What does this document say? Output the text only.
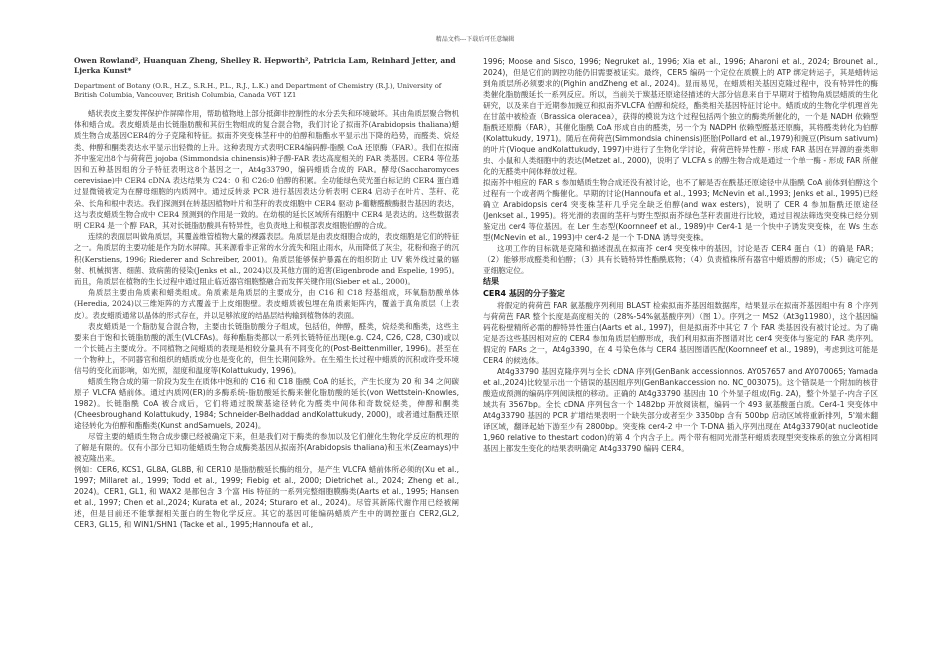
精品文档---下载后可任意编辑
Owen Rowland², Huanquan Zheng, Shelley R. Hepworth², Patricia Lam, Reinhard Jetter, and Ljerka Kunst*
Department of Botany (O.R., H.Z., S.R.H., P.L., R.J., L.K.) and Department of Chemistry (R.J.), University of British Columbia, Vancouver, British Columbia, Canada V6T 1Z1

蜡状表皮主要发挥保护作屏障作用，帮助植物地上部分抵御非控制性的水分丢失和环境破坏。其由角质层聚合物机体和蜡合成。表皮蜡质是由长链脂肪酸和其衍生物组成的复合混合物，我们讨论了拟南芥(Arabidopsis thaliana)蜡质生物合成基因CER4的分子克隆和特征。拟南芥突变株茎秆中的伯醇和脂酯水平显示出下降的趋势，而醛类、烷烃类、伸醇和酮类表达水平显示出轻微的上升。这种表现方式表明CER4编码醇-脂酰 CoA 还原酶（FAR）。我们在拟南芥中鉴定出8个与荷荷芭 jojoba (Simmondsia chinensis)种子醇-FAR 表达高度相关的 FAR 类基因。CER4 等位基因和五种基因组的分子特征表明这8个基因之一，At4g33790，编码蜡质合成的 FAR。酵母(Saccharomyces cerevisiae)中 CER4 cDNA 表达结果为 C24：0 和 C26:0 伯醇的积累。全功能绿色荧光蛋白标记的 CER4 蛋白通过显微镜被定为在酵母细胞的内质网中。通过反转录 PCR 进行基因表达分析表明 CER4 启动子在叶片、茎秆、花朵、长角和根中表达。我们探测到在转基因植物叶片和茎秆的表皮细胞中 CER4 驱动 β-葡糖醛酸酶报告基因的表达，这与表皮蜡质生物合成中 CER4 预测到的作用是一致的。在幼根的延长区域所有细胞中 CER4 是表达的。这些数据表明 CER4 是一个醇 FAR，其对长链脂肪酸具有特异性，也负责地上和根部表皮细胞伯醇的合成。

连续的表面层叫做角质层，其覆盖维管植物大量的裸露表层。角质层是由表皮细胞合成的，表皮细胞是它们的特征之一。角质层的主要功能是作为防水屏障。其来源看非正常的水分流失和阻止雨水，从而降低了灰尘，花粉和孢子的沉积(Kerstiens, 1996; Riederer and Schreiber, 2001)。角质层能够保护暴露在的组织防止 UV 紫外线过量的辐射、机械损害、细菌、致病菌的侵染(Jenks et al., 2024)以及其他方面的追害(Eigenbrode and Espelie, 1995)。而且，角质层在植物的生长过程中通过阻止临近器官细胞整融合而发挥关键作用(Sieber et al., 2000)。

角质层主要由角质素和蜡类组成。角质素是角质层的主要成分，由 C16 和 C18 羟基组成，环氧脂肪酸单体(Heredia, 2024)以三维矩阵的方式覆盖于上皮细胞壁。表皮蜡质被包埋在角质素矩阵内，覆盖于真角质层（上表皮）。表皮蜡质通常以晶体的形式存在，并以足够浓度的结晶层结构输到植物体的表面。

表皮蜡质是一个脂肪复合混合物，主要由长链脂肪酸分子组成，包括伯，伸醇，醛类，烷烃类和酯类，这些主要来自于饱和长链脂肪酸的派生(VLCFAs)。每种酯脂类都以一系列长链特征出现(e.g. C24, C26, C28, C30)或以一个长链占主要成分。不同植物之间蜡质的表现是相较分量具有不同变化的(Post-Beittenmiller, 1996)。甚至在一个物种上，不同器官和组织的蜡质成分也是变化的，但生长期间除外。在生殖生长过程中蜡质的沉积或许受环境信号的变化而影响，如光照，湿度和温度等(Kolattukudy, 1996)。

蜡质生物合成的第一阶段为发生在质体中饱和的 C16 和 C18 脂酰 CoA 的延长，产生长度为 20 和 34 之间碳原子 VLCFA 蜡前体。通过内质网(ER)的多酶系统-脂肪酸延长酶来催化脂肪酸的延长(von Wettstein-Knowles, 1982)。长链脂酰 CoA 被合成后，它们将通过脱羰基途径转化为醛类中间体和奇数烷烃类，伸醇和酮类(Cheesbroughand Kolattukudy, 1984; Schneider-Belhaddad andKolattukudy, 2000)，或者通过脂酰还原途径转化为伯醇和酯酯类(Kunst andSamuels, 2024)。

尽管主要的蜡质生物合成步骤已经被确定下来，但是我们对于酶类的参加以及它们催化生物化学反应的机理的了解是有限的。仅有小部分已知功能蜡质生物合成酶类基因从拟南芥(Arabidopsis thaliana)和玉米(Zeamays)中被克隆出来。

例如：CER6, KCS1, GL8A, GL8B, 和 CER10 是脂肪酸延长酶的组分，是产生 VLCFA 蜡前体所必须的(Xu et al., 1997; Millaret al., 1999; Todd et al., 1999; Fiebig et al., 2000; Dietrichet al., 2024; Zheng et al., 2024)。CER1, GL1, 和 WAX2 是都包含 3 个富 His 特征的一系列完整细胞膜酶类(Aarts et al., 1995; Hansen et al., 1997; Chen et al.,2024; Kurata et al., 2024; Sturaro et al., 2024)。尽管其新陈代谢作用已经被阐述，但是目前还不能掌握相关蛋白的生物化学反应。其它的基因可能编码蜡质产生中的调控蛋白 CER2,GL2, CER3, GL15, 和 WIN1/SHN1 (Tacke et al., 1995;Hannoufa et al.,

1996; Moose and Sisco, 1996; Negruket al., 1996; Xia et al., 1996; Aharoni et al., 2024; Brounet al., 2024)，但是它们的调控功能仍旧需要被证实。最终，CER5 编码一个定位在质膜上的 ATP 绑定转运子，其是蜡转运到角质层所必须要求的(Pighin andZheng et al., 2024)。显而易见，在蜡质相关基因克隆过程中，没有特异性的酶类催化脂肪酸延长一系列反应。所以，当前关于羰基还原途径描述的大部分信息来自于早期对于植物角质层蜡质的生化研究，以及来自于近期参加豌豆和拟南芥VLCFA 伯醇和烷烃，酯类相关基因特征讨论中。蜡质成的生物化学机理首先在甘蓝中被检查（Brassica oleracea），获得的模说为这个过程包括两个独立的酶类所催化的，一个是 NADH 依赖型脂酰还原酶（FAR），其催化脂酰 CoA 形成自由的醛类，另一个为 NADPH 依赖型醛基还原酶，其将醛类转化为伯醇(Kolattukudy, 1971)。随后在荷荷芭(Simmondsia chinensis)胚胎(Pollard et al.,1979)和豌豆(Pisum sativum)的叶片(Vioque andKolattukudy, 1997)中进行了生物化学讨论，荷荷芭特异性醇 - 形成 FAR 基因在异源的蚕类卵虫、小鼠和人类细胞中的表达(Metzet al., 2000)，说明了 VLCFA s 的醇生物合成是通过一个单一酶 - 形成 FAR 所催化的无醛类中间体释放过程。

拟南芥中相应的 FAR s 参加蜡质生物合成还没有被讨论，也不了解是否在酰基还原途径中从脂酰 CoA 前体到伯醇这个过程有一个或者两个酶催化。早期的讨论(Hannoufa et al., 1993; McNevin et al.,1993; Jenks et al., 1995)已经确立 Arabidopsis cer4 突变株茎秆几乎完全缺乏伯醇(and wax esters)，说明了 CER 4 参加脂酰还原途径(Jenkset al., 1995)。将光滑的表面的茎秆与野生型拟南芥绿色茎秆表面进行比较，通过目视法筛选突变株已经分别鉴定出 cer4 等位基因。在 Ler 生态型(Koornneef et al., 1989)中 Cer4-1 是一个快中子诱发突变株，在 Ws 生态型(McNevin et al., 1993)中 cer4-2 是一个 T-DNA 诱导突变株。

这项工作的目标就是克隆和描述混乱在拟南芥 cer4 突变株中的基因，讨论是否 CER4 蛋白（1）的确是 FAR；（2）能够形成醛类和伯醇；（3）具有长链特异性酯酰底物；（4）负责植株所有器官中蜡质醇的形成；（5）确定它的亚细胞定位。

结果

CER4 基因的分子鉴定

将假定的荷荷芭 FAR 氨基酸序列利用 BLAST 检索拟南芥基因组数据库，结果显示在拟南芥基因组中有 8 个序列与荷荷芭 FAR 整个长度是高度相关的（28%-54%氨基酸序列）（图 1）。序列之一 MS2（At3g11980），这个基因编码花粉壁精所必需的醇特异性蛋白(Aarts et al., 1997)，但是拟南芥中其它 7 个 FAR 类基因没有被讨论过。为了确定是否这些基因相对应的 CER4 参加角质层伯醇形成，我们利用拟南芥图谱对比 cer4 突变体与鉴定的 FAR 类序列。假定的 FARs 之一，At4g3390，在 4 号染色体与 CER4 基因图谱匹配(Koornneef et al., 1989)，考虑到这可能是 CER4 的候选体。

At4g33790 基因克隆序列与全长 cDNA 序列(GenBank accessionnos. AY057657 and AY070065; Yamada et al.,2024)比较显示出一个错误的基因组序列(GenBankaccession no. NC_003075)。这个错误是一个附加的核苷酸造成预测的编码序列阅读框的移动。正确的 At4g33790 基因由 10 个外显子组成(Fig. 2A)，整个外显子-内含子区域共有 3567bp。全长 cDNA 序列包含一个 1482bp 开放阅读框，编码一个 493 氨基酸蛋白质。Cer4-1 突变体中 At4g33790 基因的 PCR 扩增结果表明一个缺失部分或者至少 3350bp 含有 500bp 启动区域将重新排列，5'端未翻译区域，翻译起始下游至少有 2800bp。突变株 cer4-2 中一个 T-DNA 插入序列出现在 At4g33790(at nucleotide 1,960 relative to thestart codon)的第 4 个内含子上。两个带有相同光滑茎秆蜡质表现型突变株系的独立分离相同基因上都发生变化的结果表明确定 At4g33790 编码 CER4。
